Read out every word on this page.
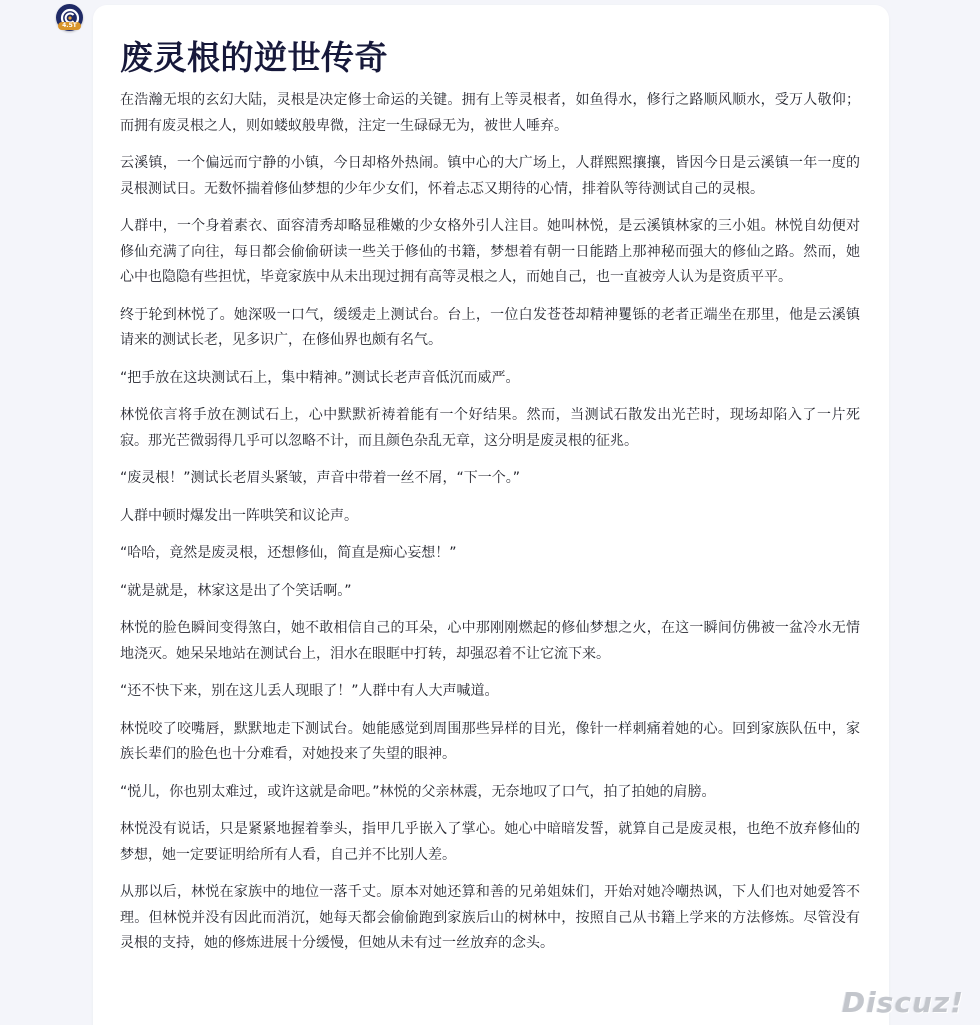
4.5T
废灵根的逆世传奇

在浩瀚无垠的玄幻大陆，灵根是决定修士命运的关键。拥有上等灵根者，如鱼得水，修行之路顺风顺水，受万人敬仰；而拥有废灵根之人，则如蝼蚁般卑微，注定一生碌碌无为，被世人唾弃。

云溪镇，一个偏远而宁静的小镇，今日却格外热闹。镇中心的大广场上，人群熙熙攘攘，皆因今日是云溪镇一年一度的灵根测试日。无数怀揣着修仙梦想的少年少女们，怀着忐忑又期待的心情，排着队等待测试自己的灵根。

人群中，一个身着素衣、面容清秀却略显稚嫩的少女格外引人注目。她叫林悦，是云溪镇林家的三小姐。林悦自幼便对修仙充满了向往，每日都会偷偷研读一些关于修仙的书籍，梦想着有朝一日能踏上那神秘而强大的修仙之路。然而，她心中也隐隐有些担忧，毕竟家族中从未出现过拥有高等灵根之人，而她自己，也一直被旁人认为是资质平平。

终于轮到林悦了。她深吸一口气，缓缓走上测试台。台上，一位白发苍苍却精神矍铄的老者正端坐在那里，他是云溪镇请来的测试长老，见多识广，在修仙界也颇有名气。

“把手放在这块测试石上，集中精神。”测试长老声音低沉而威严。

林悦依言将手放在测试石上，心中默默祈祷着能有一个好结果。然而，当测试石散发出光芒时，现场却陷入了一片死寂。那光芒微弱得几乎可以忽略不计，而且颜色杂乱无章，这分明是废灵根的征兆。

“废灵根！”测试长老眉头紧皱，声音中带着一丝不屑，“下一个。”

人群中顿时爆发出一阵哄笑和议论声。

“哈哈，竟然是废灵根，还想修仙，简直是痴心妄想！”

“就是就是，林家这是出了个笑话啊。”

林悦的脸色瞬间变得煞白，她不敢相信自己的耳朵，心中那刚刚燃起的修仙梦想之火，在这一瞬间仿佛被一盆冷水无情地浇灭。她呆呆地站在测试台上，泪水在眼眶中打转，却强忍着不让它流下来。

“还不快下来，别在这儿丢人现眼了！”人群中有人大声喊道。

林悦咬了咬嘴唇，默默地走下测试台。她能感觉到周围那些异样的目光，像针一样刺痛着她的心。回到家族队伍中，家族长辈们的脸色也十分难看，对她投来了失望的眼神。

“悦儿，你也别太难过，或许这就是命吧。”林悦的父亲林震，无奈地叹了口气，拍了拍她的肩膀。

林悦没有说话，只是紧紧地握着拳头，指甲几乎嵌入了掌心。她心中暗暗发誓，就算自己是废灵根，也绝不放弃修仙的梦想，她一定要证明给所有人看，自己并不比别人差。

从那以后，林悦在家族中的地位一落千丈。原本对她还算和善的兄弟姐妹们，开始对她冷嘲热讽，下人们也对她爱答不理。但林悦并没有因此而消沉，她每天都会偷偷跑到家族后山的树林中，按照自己从书籍上学来的方法修炼。尽管没有灵根的支持，她的修炼进展十分缓慢，但她从未有过一丝放弃的念头。

Discuz!
